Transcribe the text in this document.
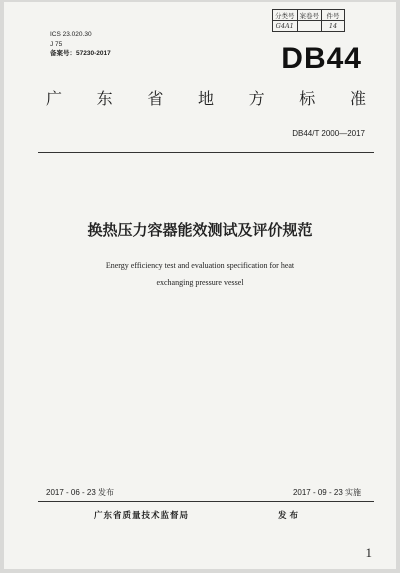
ICS 23.020.30
J 75
备案号：57230-2017
分类号	案卷号	件号
G4A1		14
DB44
广 东 省 地 方 标 准
DB44/T 2000—2017
换热压力容器能效测试及评价规范
Energy efficiency test and evaluation specification for heat
exchanging pressure vessel
2017 - 06 - 23 发布	2017 - 09 - 23 实施
广东省质量技术监督局	发布
1
